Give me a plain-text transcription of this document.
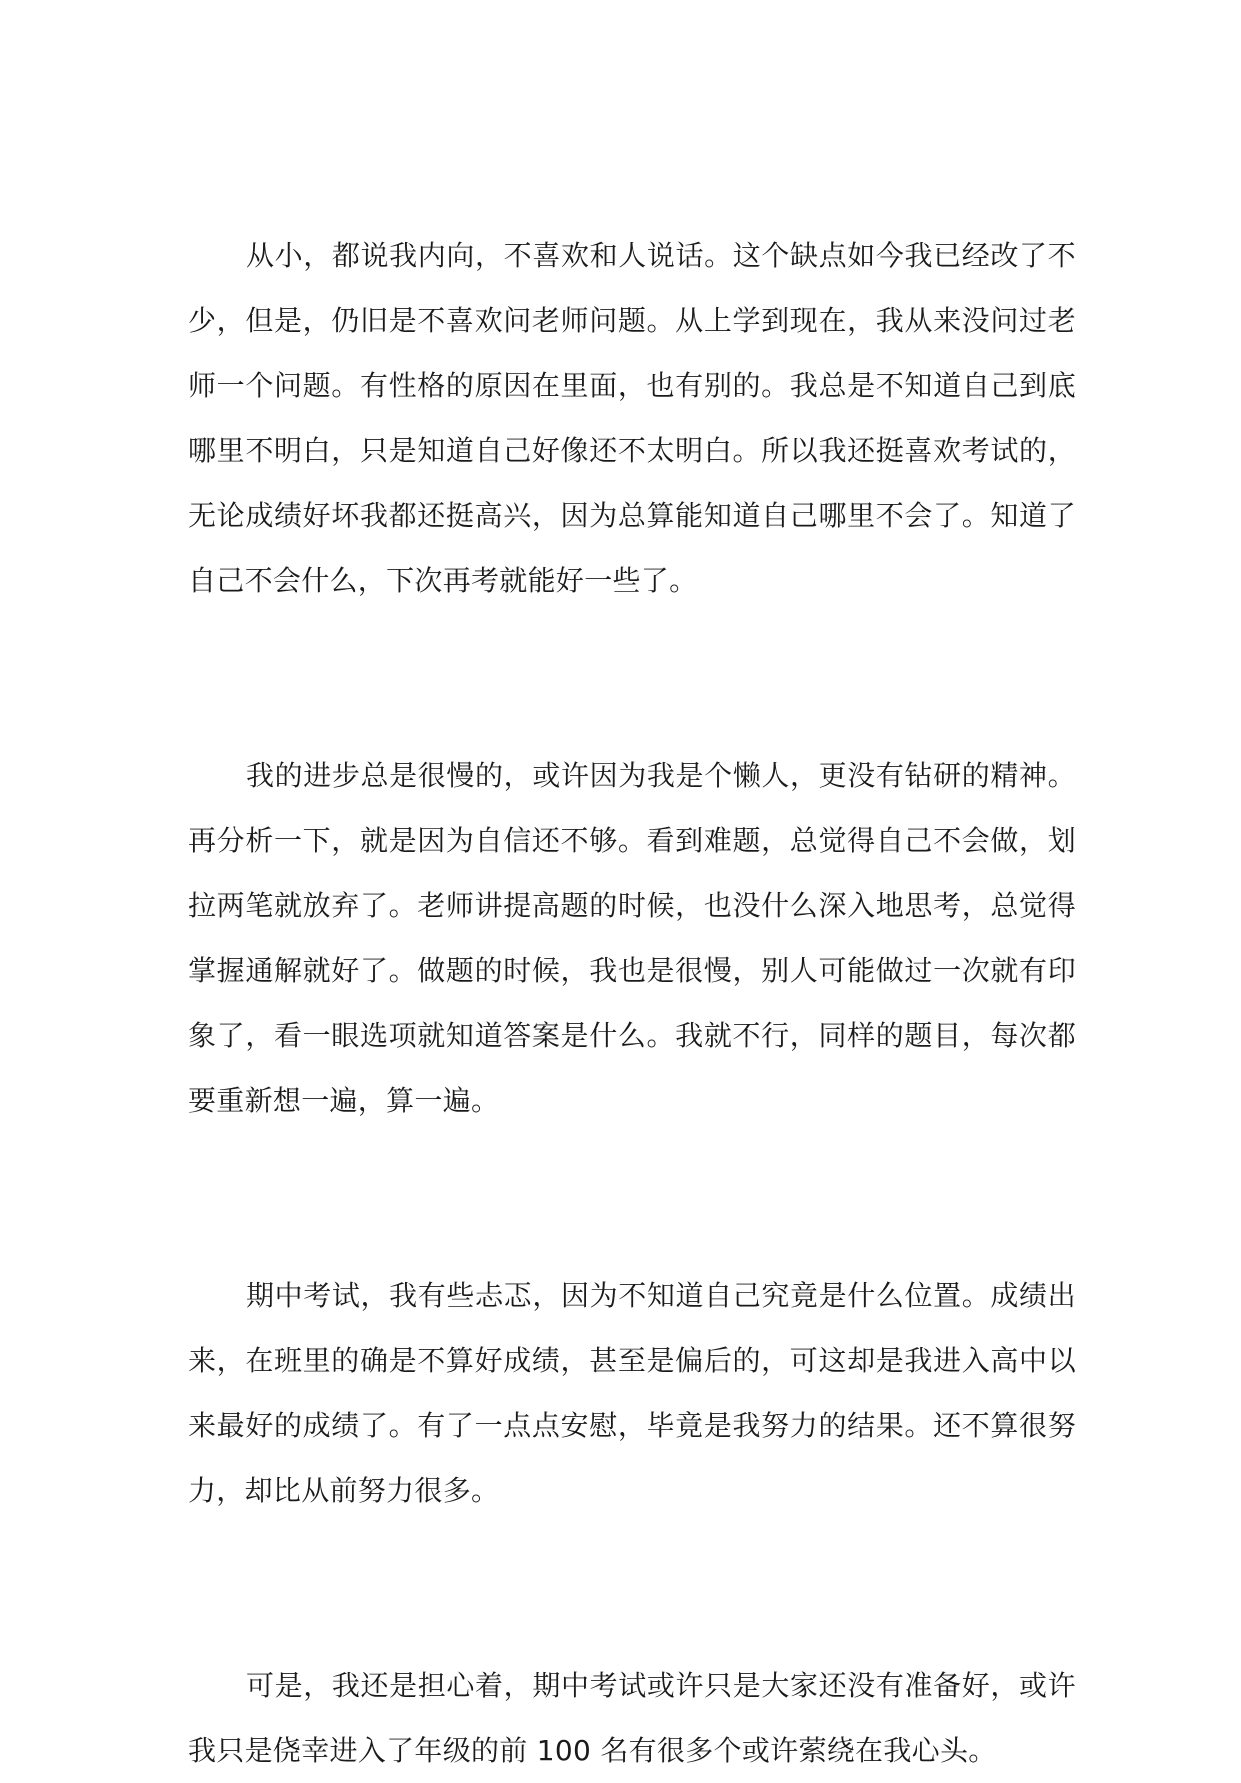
从小，都说我内向，不喜欢和人说话。这个缺点如今我已经改了不少，但是，仍旧是不喜欢问老师问题。从上学到现在，我从来没问过老师一个问题。有性格的原因在里面，也有别的。我总是不知道自己到底哪里不明白，只是知道自己好像还不太明白。所以我还挺喜欢考试的，无论成绩好坏我都还挺高兴，因为总算能知道自己哪里不会了。知道了自己不会什么，下次再考就能好一些了。

我的进步总是很慢的，或许因为我是个懒人，更没有钻研的精神。再分析一下，就是因为自信还不够。看到难题，总觉得自己不会做，划拉两笔就放弃了。老师讲提高题的时候，也没什么深入地思考，总觉得掌握通解就好了。做题的时候，我也是很慢，别人可能做过一次就有印象了，看一眼选项就知道答案是什么。我就不行，同样的题目，每次都要重新想一遍，算一遍。

期中考试，我有些忐忑，因为不知道自己究竟是什么位置。成绩出来，在班里的确是不算好成绩，甚至是偏后的，可这却是我进入高中以来最好的成绩了。有了一点点安慰，毕竟是我努力的结果。还不算很努力，却比从前努力很多。

可是，我还是担心着，期中考试或许只是大家还没有准备好，或许我只是侥幸进入了年级的前 100 名有很多个或许萦绕在我心头。
